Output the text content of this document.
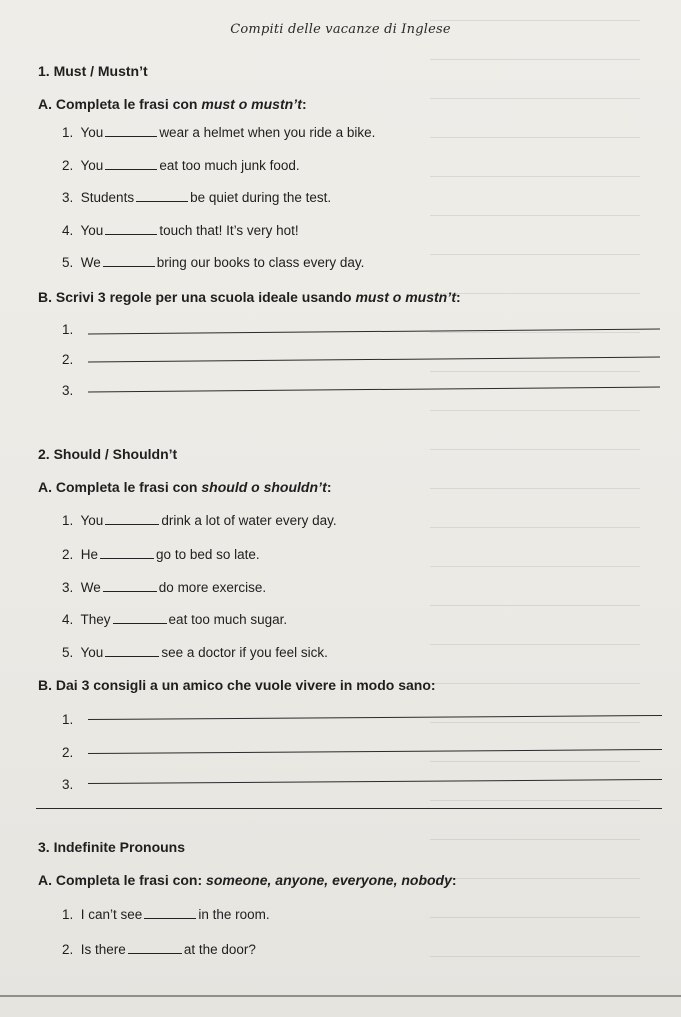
Compiti delle vacanze di Inglese
1. Must / Mustn’t
A. Completa le frasi con must o mustn’t:
1. You	wear a helmet when you ride a bike.
2. You	eat too much junk food.
3. Students	be quiet during the test.
4. You	touch that! It’s very hot!
5. We	bring our books to class every day.
B. Scrivi 3 regole per una scuola ideale usando must o mustn’t:
1.
2.
3.
2. Should / Shouldn’t
A. Completa le frasi con should o shouldn’t:
1. You	drink a lot of water every day.
2. He	go to bed so late.
3. We	do more exercise.
4. They	eat too much sugar.
5. You	see a doctor if you feel sick.
B. Dai 3 consigli a un amico che vuole vivere in modo sano:
1.
2.
3.
3. Indefinite Pronouns
A. Completa le frasi con: someone, anyone, everyone, nobody:
1. I can’t see	in the room.
2. Is there	at the door?
